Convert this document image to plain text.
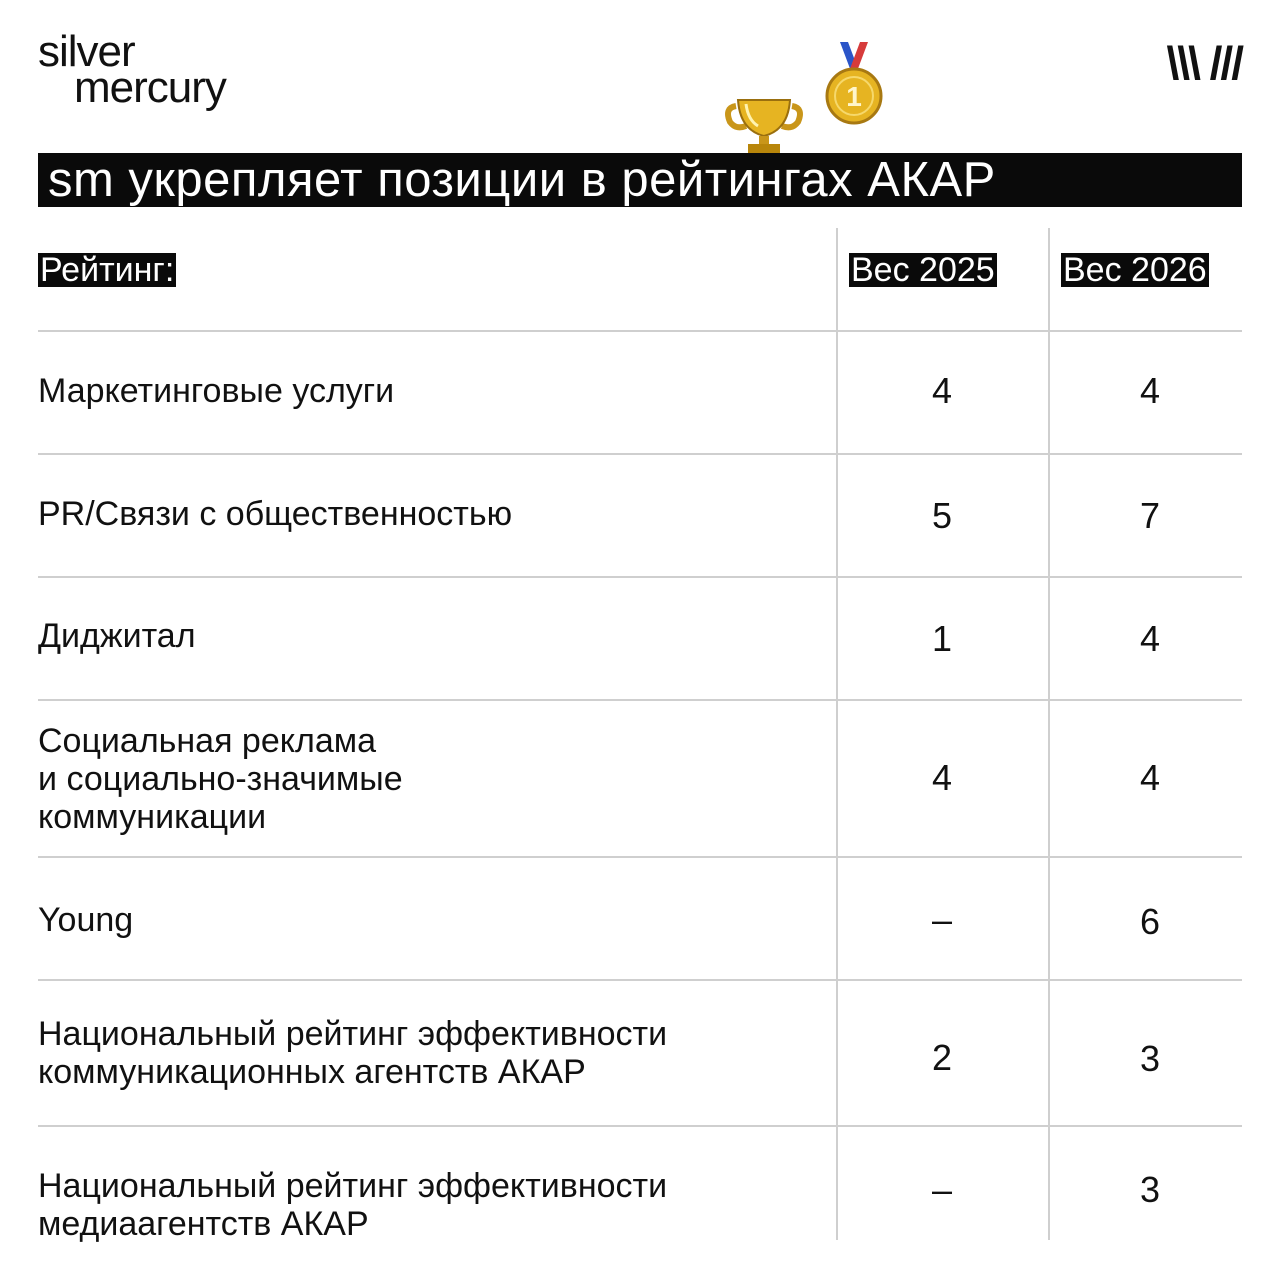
silver
mercury	\\\ ///
1
sm укрепляет позиции в рейтингах АКАР
Рейтинг:	Вес 2025 Вес 2026
Маркетинговые услуги	4	4
PR/Связи с общественностью	5	7
Диджитал	1	4
Социальная реклама
и социально-значимые
коммуникации
4	4
Young	–	6
Национальный рейтинг эффективности
коммуникационных агентств АКАР	2	3
Национальный рейтинг эффективности
медиаагентств АКАР
–	3
